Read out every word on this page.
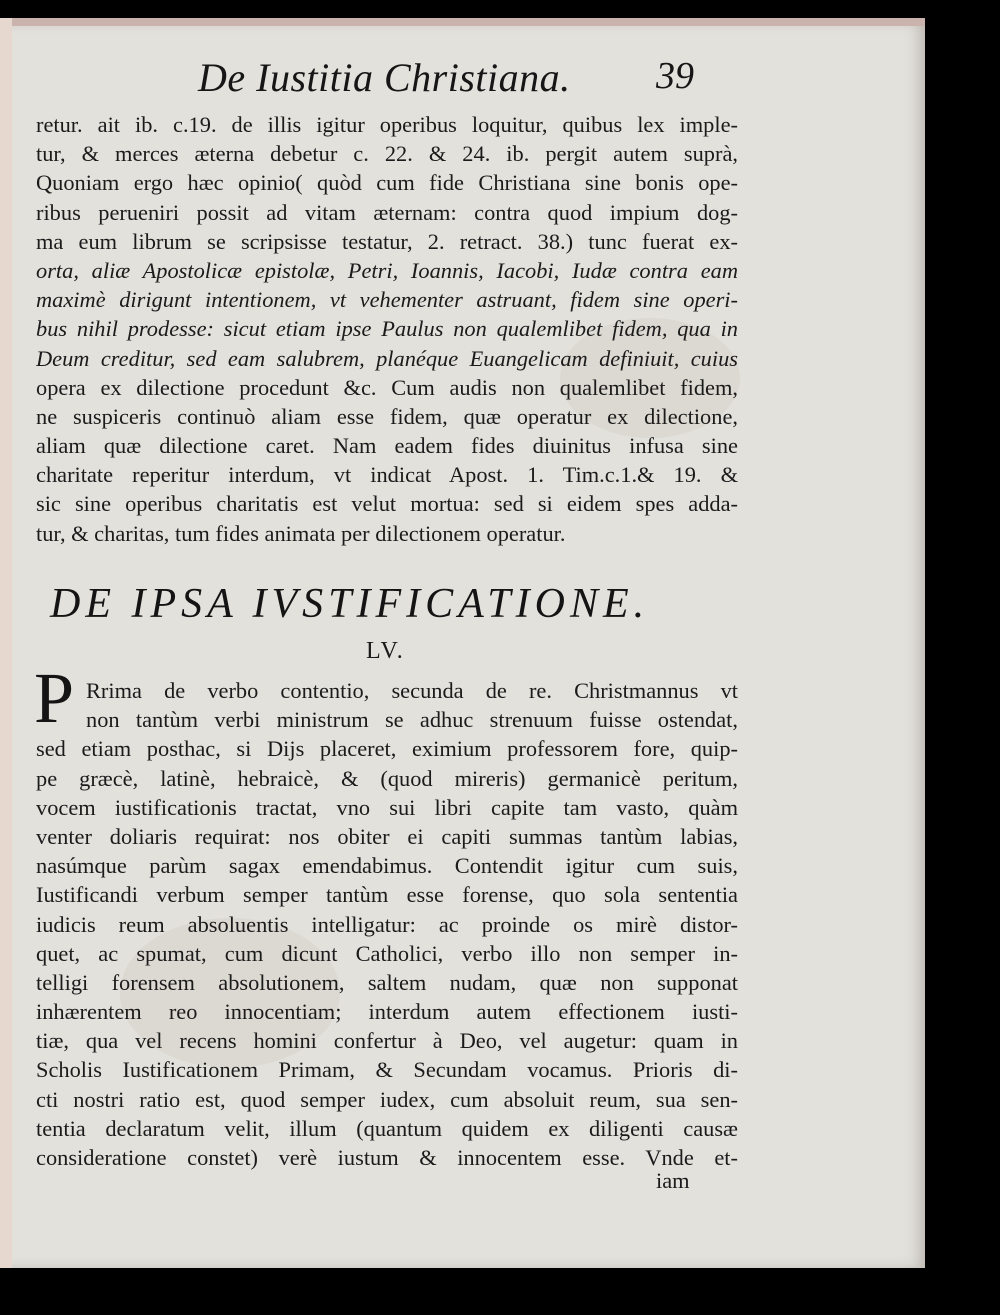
De Iustitia Christiana. 39
retur. ait ib. c.19. de illis igitur operibus loquitur, quibus lex imple-
tur, & merces æterna debetur c. 22. & 24. ib. pergit autem suprà,
Quoniam ergo hæc opinio( quòd cum fide Christiana sine bonis ope-
ribus perueniri possit ad vitam æternam: contra quod impium dog-
ma eum librum se scripsisse testatur, 2. retract. 38.) tunc fuerat ex-
orta, aliæ Apostolicæ epistolæ, Petri, Ioannis, Iacobi, Iudæ contra eam
maximè dirigunt intentionem, vt vehementer astruant, fidem sine operi-
bus nihil prodesse: sicut etiam ipse Paulus non qualemlibet fidem, qua in
Deum creditur, sed eam salubrem, planéque Euangelicam definiuit, cuius
opera ex dilectione procedunt &c. Cum audis non qualemlibet fidem,
ne suspiceris continuò aliam esse fidem, quæ operatur ex dilectione,
aliam quæ dilectione caret. Nam eadem fides diuinitus infusa sine
charitate reperitur interdum, vt indicat Apost. 1. Tim.c.1.& 19. &
sic sine operibus charitatis est velut mortua: sed si eidem spes adda-
tur, & charitas, tum fides animata per dilectionem operatur.
DE IPSA IVSTIFICATIONE.
LV.
P Rrima de verbo contentio, secunda de re. Christmannus vt
non tantùm verbi ministrum se adhuc strenuum fuisse ostendat,
sed etiam posthac, si Dijs placeret, eximium professorem fore, quip-
pe græcè, latinè, hebraicè, & (quod mireris) germanicè peritum,
vocem iustificationis tractat, vno sui libri capite tam vasto, quàm
venter doliaris requirat: nos obiter ei capiti summas tantùm labias,
nasúmque parùm sagax emendabimus. Contendit igitur cum suis,
Iustificandi verbum semper tantùm esse forense, quo sola sententia
iudicis reum absoluentis intelligatur: ac proinde os mirè distor-
quet, ac spumat, cum dicunt Catholici, verbo illo non semper in-
telligi forensem absolutionem, saltem nudam, quæ non supponat
inhærentem reo innocentiam; interdum autem effectionem iusti-
tiæ, qua vel recens homini confertur à Deo, vel augetur: quam in
Scholis Iustificationem Primam, & Secundam vocamus. Prioris di-
cti nostri ratio est, quod semper iudex, cum absoluit reum, sua sen-
tentia declaratum velit, illum (quantum quidem ex diligenti causæ
consideratione constet) verè iustum & innocentem esse. Vnde et-
iam
